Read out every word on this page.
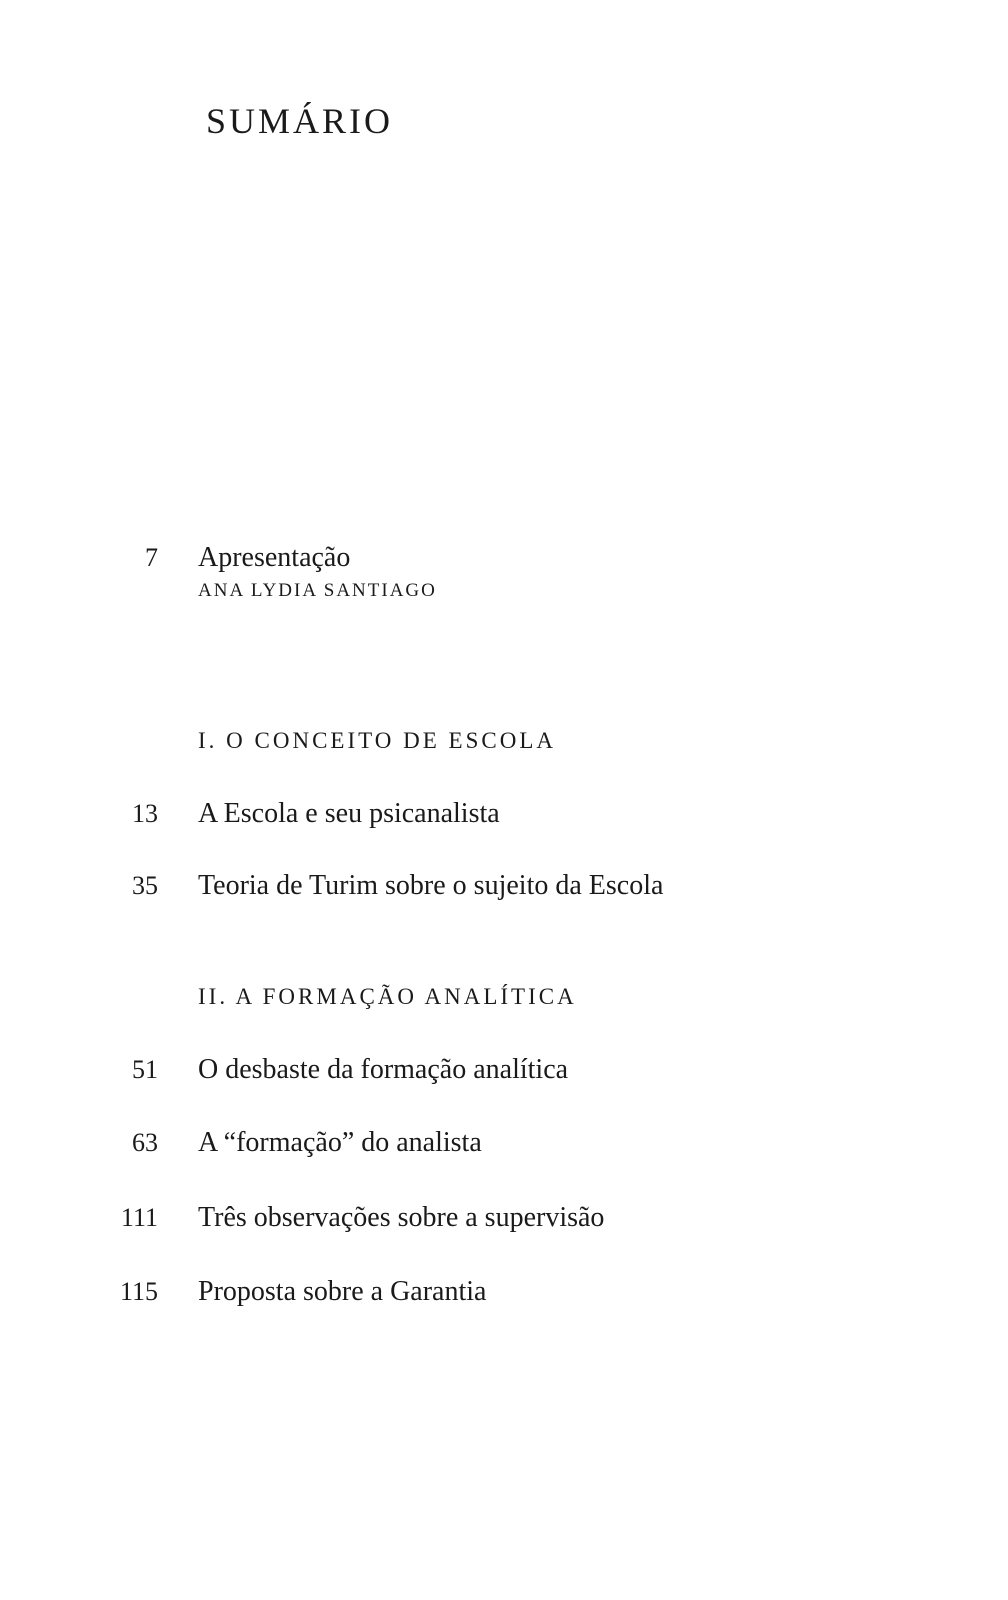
SUMÁRIO
7 Apresentação
ANA LYDIA SANTIAGO
I. O CONCEITO DE ESCOLA
13 A Escola e seu psicanalista
35 Teoria de Turim sobre o sujeito da Escola
II. A FORMAÇÃO ANALÍTICA
51 O desbaste da formação analítica
63 A “formação” do analista
111 Três observações sobre a supervisão
115 Proposta sobre a Garantia
